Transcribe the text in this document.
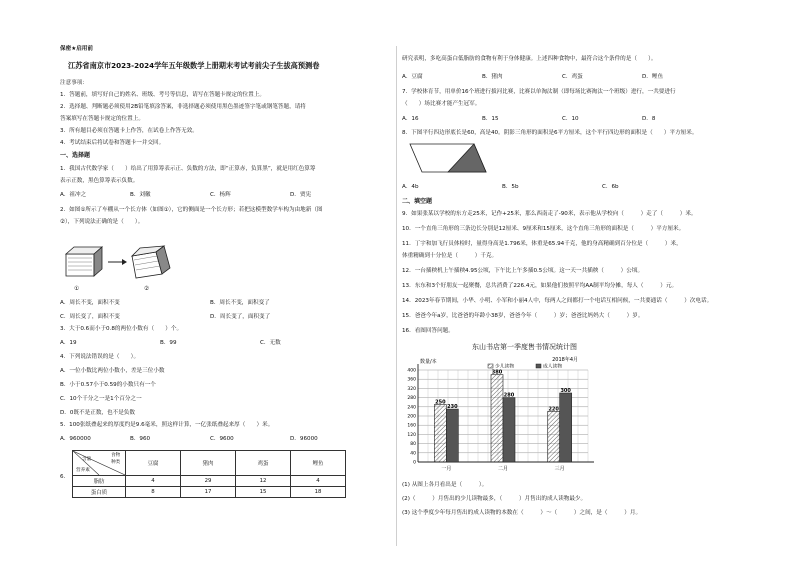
保密★启用前
江苏省南京市2023-2024学年五年级数学上册期末考试考前尖子生拔高预测卷
注意事项：
1．答题前，填写好自己的姓名、班级、考号等信息，请写在答题卡规定的位置上。
2．选择题、判断题必须使用2B铅笔填涂答案，非选择题必须使用黑色墨迹签字笔或钢笔答题，请将
答案填写在答题卡规定的位置上。
3．所有题目必须在答题卡上作答，在试卷上作答无效。
4．考试结束后将试卷和答题卡一并交回。
一、选择题
1．我国古代数学家（　　）给出了用算筹表示正、负数的方法，即“正算赤，负算黑”，就是用红色算筹
表示正数，黑色算筹表示负数。
A．祖冲之	B．刘徽	C．杨辉	D．贾宪
2．如图①所示了车棚从一个长方体（如图①），它的侧面是一个长方形；若把这模型数学车构为由地新（图
②），下列说法正确的是（　　）。
①	②
A．周长不变，面积不变	B．周长不变，面积变了
C．周长变了，面积不变	D．周长变了，面积变了
3．大于0.6而小于0.8的两位小数有（　　）个。
A．19	B．99	C．无数
4．下列说法错误的是（　　）。
A．一位小数比两位小数小，差是三位小数
B．小于0.57小于0.59的小数只有一个
C．10个千分之一是1个百分之一
D．0既不是正数，也不是负数
5．100张纸叠起来的厚度约是9.6毫米，照这样计算，一亿张纸叠起来厚（　　）米。
A．960000	B．960	C．9600	D．96000
6．
食物
种类
含量
营养素	豆腐	猪肉	鸡蛋	鲤鱼
脂肪	4	29	12	4
蛋白质	8	17	15	18
研究表明，多吃高蛋白低脂肪的食物有利于身体健康。上述四种食物中，最符合这个条件的是（　　）。
A．豆腐	B．猪肉	C．鸡蛋	D．鲤鱼
7．学校体育节，用单价16个班进行拔河比赛，比赛以单淘汰制（即每场比赛淘汰一个班级）进行，一共要进行
（　　）场比赛才能产生冠军。
A．16	B．15	C．10	D．8
8．下图平行四边形底长是60，高是40。阴影三角形的面积是6平方厘米，这个平行四边形的面积是（　　）平方厘米。
A．4b	B．5b	C．6b
二、填空题
9．如果张某以学校的东方走25米，记作+25米，那么西南走了-90米，表示他从学校向（　　　）走了（　　　）米。
10．一个直角三角形的三条边长分别是12厘米、9厘米和15厘米，这个直角三角形的面积是（　　　）平方厘米。
11．丁宇和加飞行员体检时，量得身高是1.796米，体重是65.94千克，他的身高精确到百分位是（　　　）米，
体重精确到十分位是（　　　）千克。
12．一台插秧机上午插秧4.95公顷，下午比上午多插0.5公顷。这一天一共插秧（　　　）公顷。
13．东东和3个好朋友一起聚餐，总共消费了226.4元，如果他们按照平均AA制平均分摊，每人（　　　）元。
14．2023年春节期间，小华、小明、小军和小丽4人中，每两人之间都打一个电话互相问候，一共要通话（　　　）次电话。
15．爸爸今年a岁，比爸爸的年龄小38岁，爸爸今年（　　　）岁；爸爸比妈妈大（　　　）岁。
16．看图回答问题。
东山书店第一季度售书情况统计图
0
40
80
120
160
200
240
280
320
360
400
数量/本	2018年4月
少儿读物	成人读物
250
230
一月
380
280
二月
220
300
三月
(1) 从图上各月看出是（　　　）。
(2)（　　　）月售出的少儿读物最多，（　　　）月售出的成人读物最少。
(3) 这个季度少年每月售出的成人读物的本数在（　　　）～（　　　）之间，是（　　　）月。
